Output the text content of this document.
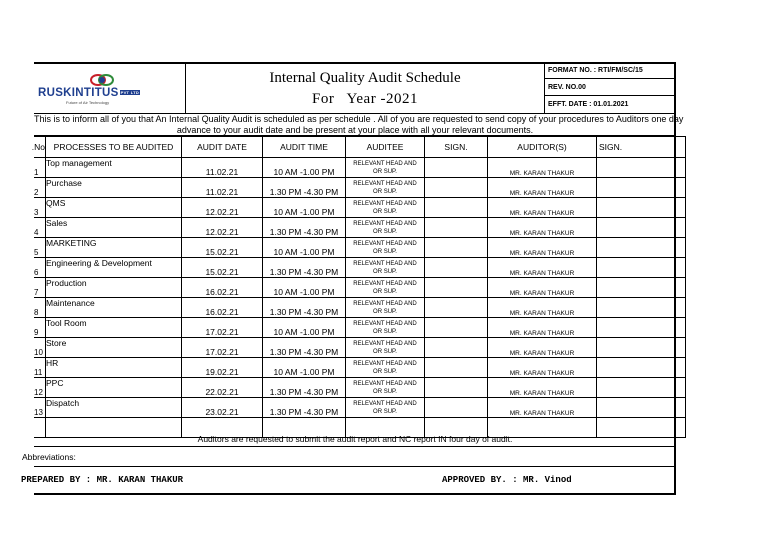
RUSKINTITUS PVT LTD
Future of Air Technology
Internal Quality Audit Schedule
For   Year -2021
FORMAT NO. : RTI/FM/SC/15
REV. NO.00
EFFT. DATE : 01.01.2021
This is to inform all of you that An Internal Quality Audit is scheduled as per schedule . All of you are requested to send copy of your procedures to Auditors one day
advance to your audit date and be present at your place with all your relevant documents.
No.	PROCESSES TO BE AUDITED	AUDIT DATE	AUDIT TIME	AUDITEE	SIGN.	AUDITOR(S)	SIGN.
1	Top management	11.02.21	10 AM -1.00 PM	RELEVANT HEAD AND
OR SUP.		MR. KARAN THAKUR	
2	Purchase	11.02.21	1.30 PM -4.30 PM	RELEVANT HEAD AND
OR SUP.		MR. KARAN THAKUR	
3	QMS	12.02.21	10 AM -1.00 PM	RELEVANT HEAD AND
OR SUP.		MR. KARAN THAKUR	
4	Sales	12.02.21	1.30 PM -4.30 PM	RELEVANT HEAD AND
OR SUP.		MR. KARAN THAKUR	
5	MARKETING	15.02.21	10 AM -1.00 PM	RELEVANT HEAD AND
OR SUP.		MR. KARAN THAKUR	
6	Engineering & Development	15.02.21	1.30 PM -4.30 PM	RELEVANT HEAD AND
OR SUP.		MR. KARAN THAKUR	
7	Production	16.02.21	10 AM -1.00 PM	RELEVANT HEAD AND
OR SUP.		MR. KARAN THAKUR	
8	Maintenance	16.02.21	1.30 PM -4.30 PM	RELEVANT HEAD AND
OR SUP.		MR. KARAN THAKUR	
9	Tool Room	17.02.21	10 AM -1.00 PM	RELEVANT HEAD AND
OR SUP.		MR. KARAN THAKUR	
10	Store	17.02.21	1.30 PM -4.30 PM	RELEVANT HEAD AND
OR SUP.		MR. KARAN THAKUR	
11	HR	19.02.21	10 AM -1.00 PM	RELEVANT HEAD AND
OR SUP.		MR. KARAN THAKUR	
12	PPC	22.02.21	1.30 PM -4.30 PM	RELEVANT HEAD AND
OR SUP.		MR. KARAN THAKUR	
13	Dispatch	23.02.21	1.30 PM -4.30 PM	RELEVANT HEAD AND
OR SUP.		MR. KARAN THAKUR	

Auditors are requested to submit the audit report and NC report IN four day of audit.
Abbreviations:
PREPARED BY : MR. KARAN THAKUR	APPROVED BY. : MR. Vinod
